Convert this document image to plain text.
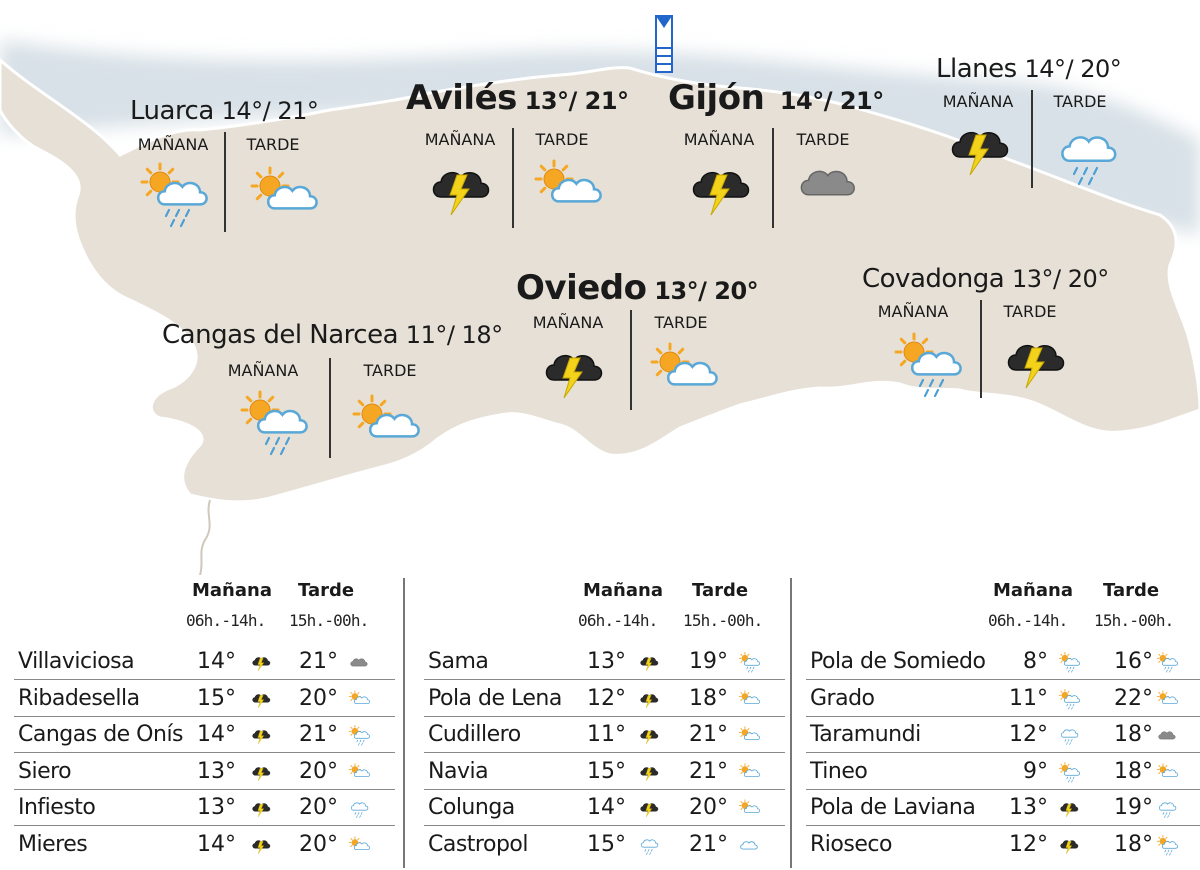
Luarca 14°/ 21°
MAÑANA	TARDE
Avilés 13°/ 21°
MAÑANA	TARDE
Gijón 14°/ 21°
MAÑANA	TARDE
Llanes 14°/ 20°
MAÑANA	TARDE
Oviedo 13°/ 20°
MAÑANA	TARDE
Covadonga 13°/ 20°
MAÑANA	TARDE
Cangas del Narcea 11°/ 18°
MAÑANA	TARDE
Mañana Tarde
06h.-14h. 15h.-00h.
Villaviciosa	14°	21°
Ribadesella	15°	20°
Cangas de Onís 14°	21°
Siero	13°	20°
Infiesto	13°	20°
Mieres	14°	20°
Mañana Tarde
06h.-14h. 15h.-00h.
Sama	13°	19°
Pola de Lena	12°	18°
Cudillero	11°	21°
Navia	15°	21°
Colunga	14°	20°
Castropol	15°	21°
Mañana Tarde
06h.-14h. 15h.-00h.
Pola de Somiedo	8°	16°
Grado	11°	22°
Taramundi	12°	18°
Tineo	9°	18°
Pola de Laviana	13°	19°
Rioseco	12°	18°
